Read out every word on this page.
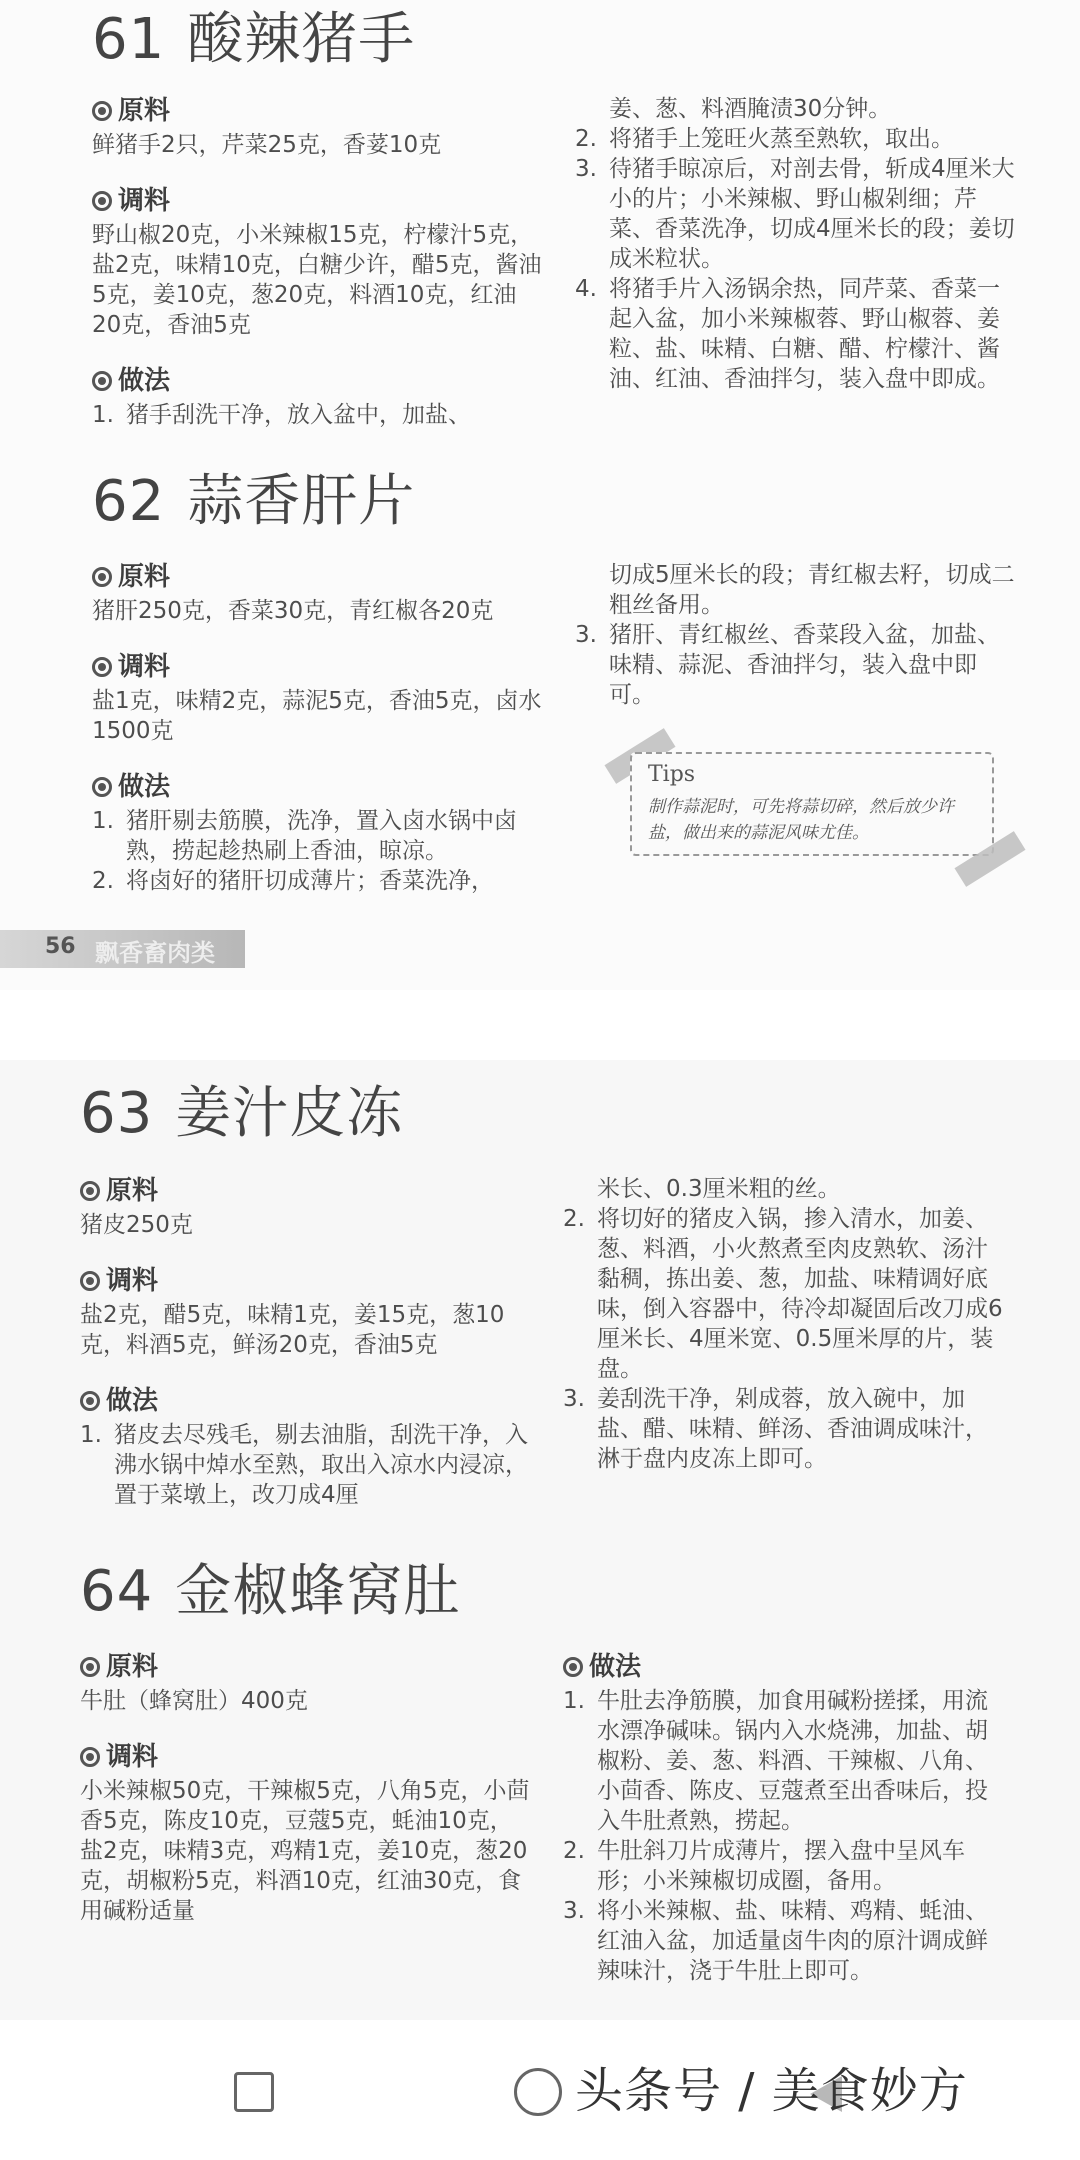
61 酸辣猪手
原料

鲜猪手2只，芹菜25克，香荽10克

调料

野山椒20克，小米辣椒15克，柠檬汁5克，盐2克，味精10克，白糖少许，醋5克，酱油5克，姜10克，葱20克，料酒10克，红油20克，香油5克

做法
1. 猪手刮洗干净，放入盆中，加盐、

姜、葱、料酒腌渍30分钟。

2. 将猪手上笼旺火蒸至熟软，取出。
3. 待猪手晾凉后，对剖去骨，斩成4厘米大小的片；小米辣椒、野山椒剁细；芹菜、香菜洗净，切成4厘米长的段；姜切成米粒状。
4. 将猪手片入汤锅余热，同芹菜、香菜一起入盆，加小米辣椒蓉、野山椒蓉、姜粒、盐、味精、白糖、醋、柠檬汁、酱油、红油、香油拌匀，装入盘中即成。
62 蒜香肝片
原料

猪肝250克，香菜30克，青红椒各20克

调料

盐1克，味精2克，蒜泥5克，香油5克，卤水1500克

做法
1. 猪肝剔去筋膜，洗净，置入卤水锅中卤熟，捞起趁热刷上香油，晾凉。
2. 将卤好的猪肝切成薄片；香菜洗净，

切成5厘米长的段；青红椒去籽，切成二粗丝备用。

3. 猪肝、青红椒丝、香菜段入盆，加盐、味精、蒜泥、香油拌匀，装入盘中即可。
Tips
制作蒜泥时，可先将蒜切碎，然后放少许盐，做出来的蒜泥风味尤佳。
56 飘香畜肉类
63 姜汁皮冻
原料

猪皮250克

调料

盐2克，醋5克，味精1克，姜15克，葱10克，料酒5克，鲜汤20克，香油5克

做法
1. 猪皮去尽残毛，剔去油脂，刮洗干净，入沸水锅中焯水至熟，取出入凉水内浸凉，置于菜墩上，改刀成4厘

米长、0.3厘米粗的丝。

2. 将切好的猪皮入锅，掺入清水，加姜、葱、料酒，小火熬煮至肉皮熟软、汤汁黏稠，拣出姜、葱，加盐、味精调好底味，倒入容器中，待冷却凝固后改刀成6厘米长、4厘米宽、0.5厘米厚的片，装盘。
3. 姜刮洗干净，剁成蓉，放入碗中，加盐、醋、味精、鲜汤、香油调成味汁，淋于盘内皮冻上即可。
64 金椒蜂窝肚
原料

牛肚（蜂窝肚）400克

调料

小米辣椒50克，干辣椒5克，八角5克，小茴香5克，陈皮10克，豆蔻5克，蚝油10克，盐2克，味精3克，鸡精1克，姜10克，葱20克，胡椒粉5克，料酒10克，红油30克，食用碱粉适量

做法
1. 牛肚去净筋膜，加食用碱粉搓揉，用流水漂净碱味。锅内入水烧沸，加盐、胡椒粉、姜、葱、料酒、干辣椒、八角、小茴香、陈皮、豆蔻煮至出香味后，投入牛肚煮熟，捞起。
2. 牛肚斜刀片成薄片，摆入盘中呈风车形；小米辣椒切成圈，备用。
3. 将小米辣椒、盐、味精、鸡精、蚝油、红油入盆，加适量卤牛肉的原汁调成鲜辣味汁，浇于牛肚上即可。
头条号 / 美食妙方
